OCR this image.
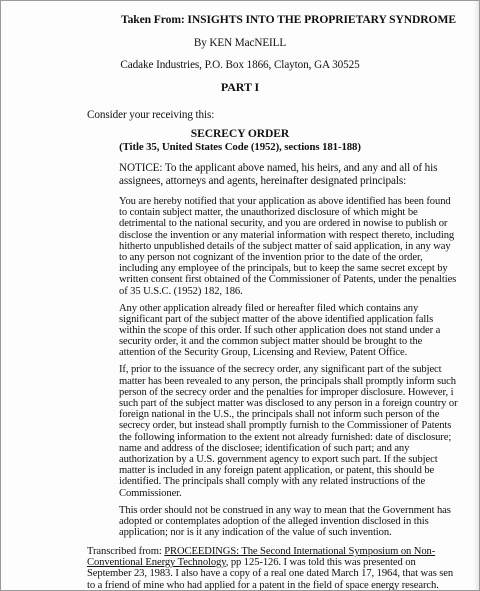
Taken From: INSIGHTS INTO THE PROPRIETARY SYNDROME
By KEN MacNEILL
Cadake Industries, P.O. Box 1866, Clayton, GA 30525
PART I
Consider your receiving this:
SECRECY ORDER
(Title 35, United States Code (1952), sections 181-188)
NOTICE: To the applicant above named, his heirs, and any and all of his
assignees, attorneys and agents, hereinafter designated principals:
You are hereby notified that your application as above identified has been found
to contain subject matter, the unauthorized disclosure of which might be
detrimental to the national security, and you are ordered in nowise to publish or
disclose the invention or any material information with respect thereto, including
hitherto unpublished details of the subject matter of said application, in any way
to any person not cognizant of the invention prior to the date of the order,
including any employee of the principals, but to keep the same secret except by
written consent first obtained of the Commissioner of Patents, under the penalties
of 35 U.S.C. (1952) 182, 186.
Any other application already filed or hereafter filed which contains any
significant part of the subject matter of the above identified application falls
within the scope of this order. If such other application does not stand under a
security order, it and the common subject matter should be brought to the
attention of the Security Group, Licensing and Review, Patent Office.
If, prior to the issuance of the secrecy order, any significant part of the subject
matter has been revealed to any person, the principals shall promptly inform such
person of the secrecy order and the penalties for improper disclosure. However, i
such part of the subject matter was disclosed to any person in a foreign country or
foreign national in the U.S., the principals shall not inform such person of the
secrecy order, but instead shall promptly furnish to the Commissioner of Patents
the following information to the extent not already furnished: date of disclosure;
name and address of the disclosee; identification of such part; and any
authorization by a U.S. government agency to export such part. If the subject
matter is included in any foreign patent application, or patent, this should be
identified. The principals shall comply with any related instructions of the
Commissioner.
This order should not be construed in any way to mean that the Government has
adopted or contemplates adoption of the alleged invention disclosed in this
application; nor is it any indication of the value of such invention.
Transcribed from: PROCEEDINGS: The Second International Symposium on Non-
Conventional Energy Technology, pp 125-126. I was told this was presented on
September 23, 1983. I also have a copy of a real one dated March 17, 1964, that was sen
to a friend of mine who had applied for a patent in the field of space energy research.
